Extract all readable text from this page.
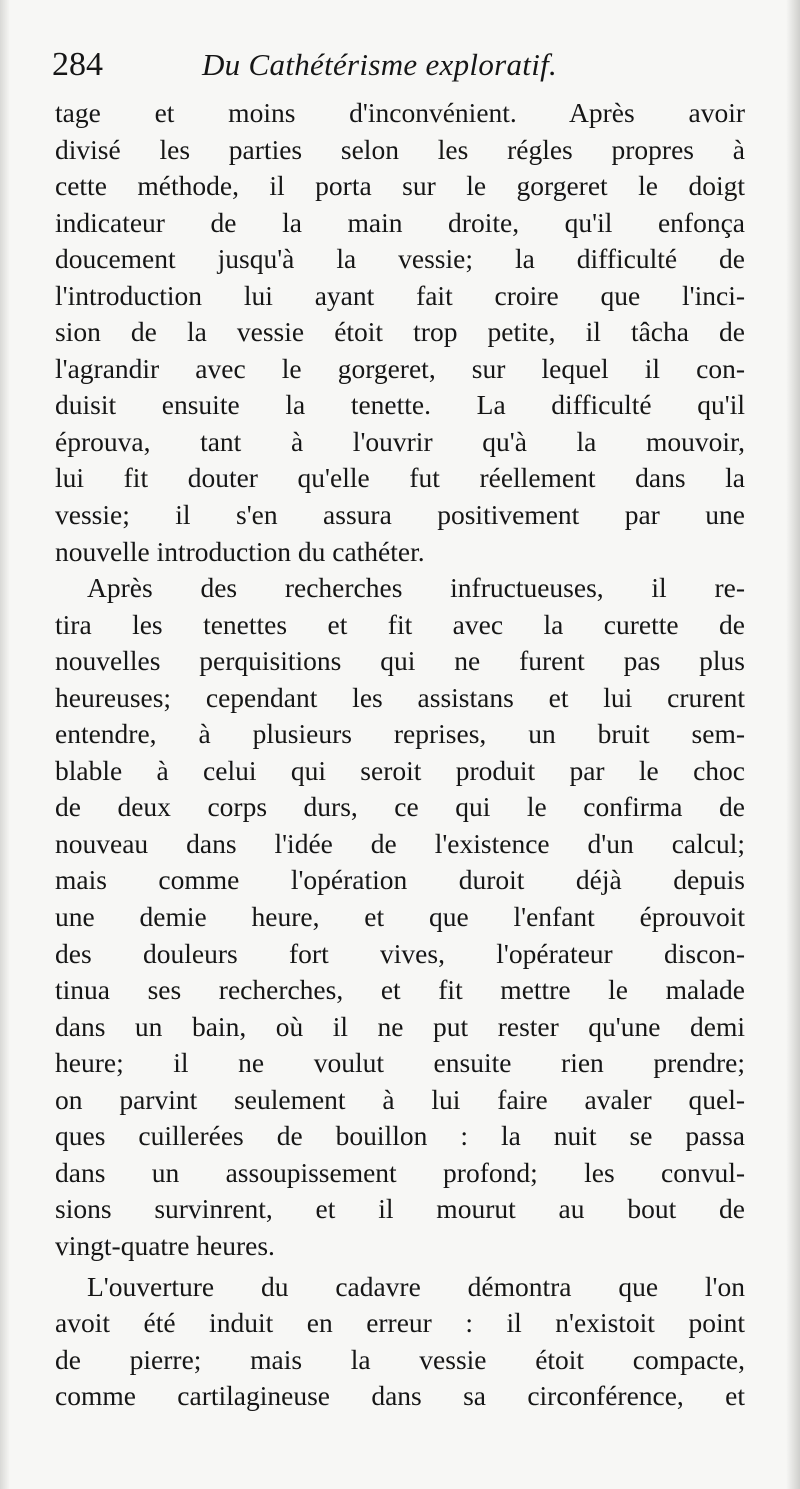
284	Du Cathétérisme exploratif.
tage et moins d'inconvénient. Après avoir
divisé les parties selon les régles propres à
cette méthode, il porta sur le gorgeret le doigt
indicateur de la main droite, qu'il enfonça
doucement jusqu'à la vessie; la difficulté de
l'introduction lui ayant fait croire que l'inci-
sion de la vessie étoit trop petite, il tâcha de
l'agrandir avec le gorgeret, sur lequel il con-
duisit ensuite la tenette. La difficulté qu'il
éprouva, tant à l'ouvrir qu'à la mouvoir,
lui fit douter qu'elle fut réellement dans la
vessie; il s'en assura positivement par une
nouvelle introduction du cathéter.
Après des recherches infructueuses, il re-
tira les tenettes et fit avec la curette de
nouvelles perquisitions qui ne furent pas plus
heureuses; cependant les assistans et lui crurent
entendre, à plusieurs reprises, un bruit sem-
blable à celui qui seroit produit par le choc
de deux corps durs, ce qui le confirma de
nouveau dans l'idée de l'existence d'un calcul;
mais comme l'opération duroit déjà depuis
une demie heure, et que l'enfant éprouvoit
des douleurs fort vives, l'opérateur discon-
tinua ses recherches, et fit mettre le malade
dans un bain, où il ne put rester qu'une demi
heure; il ne voulut ensuite rien prendre;
on parvint seulement à lui faire avaler quel-
ques cuillerées de bouillon : la nuit se passa
dans un assoupissement profond; les convul-
sions survinrent, et il mourut au bout de
vingt-quatre heures.
L'ouverture du cadavre démontra que l'on
avoit été induit en erreur : il n'existoit point
de pierre; mais la vessie étoit compacte,
comme cartilagineuse dans sa circonférence, et
